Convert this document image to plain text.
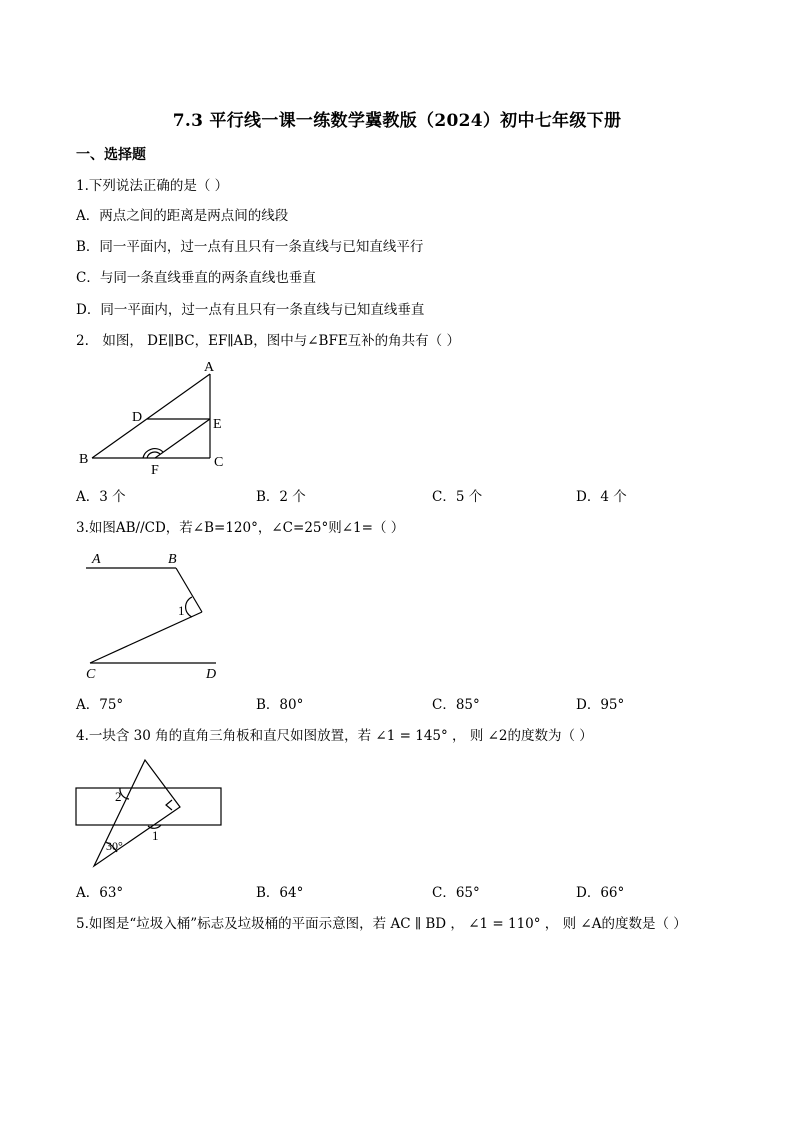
7.3 平行线一课一练数学冀教版（2024）初中七年级下册
一、选择题
1.下列说法正确的是（ ）
A．两点之间的距离是两点间的线段
B．同一平面内，过一点有且只有一条直线与已知直线平行
C．与同一条直线垂直的两条直线也垂直
D．同一平面内，过一点有且只有一条直线与已知直线垂直
2.　如图， DE∥BC，EF∥AB，图中与∠BFE互补的角共有（ ）
A
B	C
D	E
F
A．3 个	B．2 个	C．5 个	D．4 个
3.如图AB//CD，若∠B=120°，∠C=25°则∠1=（ ）
A	B
C	D
1
A．75°	B．80°	C．85°	D．95°
4.一块含 30 角的直角三角板和直尺如图放置，若 ∠1 = 145° ， 则 ∠2的度数为（ ）
2
1
30°
A．63°	B．64°	C．65°	D．66°
5.如图是“垃圾入桶”标志及垃圾桶的平面示意图，若 AC ∥ BD ， ∠1 = 110° ， 则 ∠A的度数是（ ）
